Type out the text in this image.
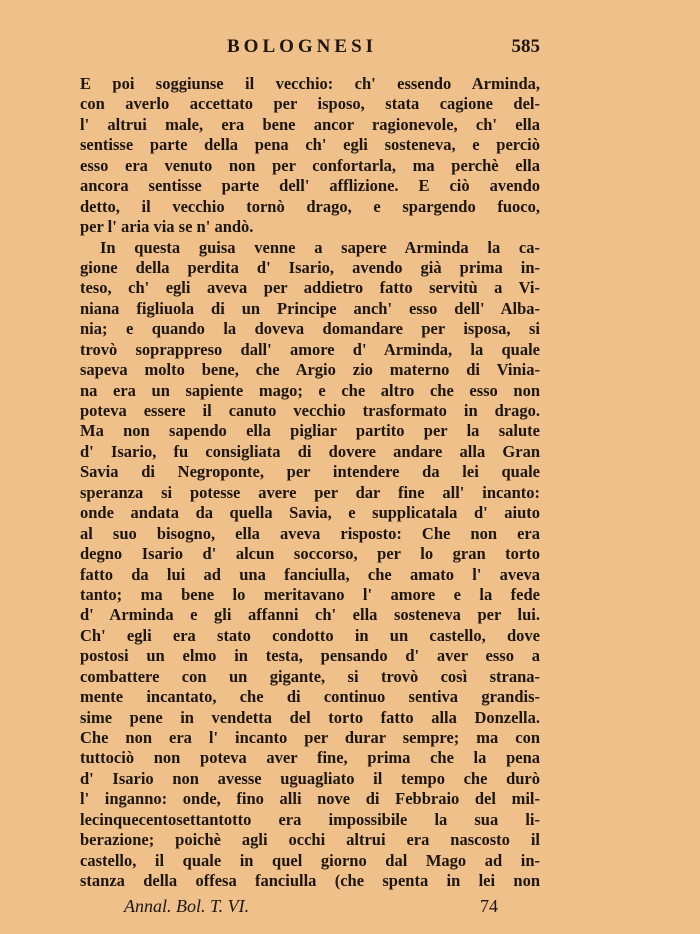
BOLOGNESI	585
E poi soggiunse il vecchio: ch' essendo Arminda,
con averlo accettato per isposo, stata cagione del-
l' altrui male, era bene ancor ragionevole, ch' ella
sentisse parte della pena ch' egli sosteneva, e perciò
esso era venuto non per confortarla, ma perchè ella
ancora sentisse parte dell' afflizione. E ciò avendo
detto, il vecchio tornò drago, e spargendo fuoco,
per l' aria via se n' andò.
In questa guisa venne a sapere Arminda la ca-
gione della perdita d' Isario, avendo già prima in-
teso, ch' egli aveva per addietro fatto servitù a Vi-
niana figliuola di un Principe anch' esso dell' Alba-
nia; e quando la doveva domandare per isposa, si
trovò soprappreso dall' amore d' Arminda, la quale
sapeva molto bene, che Argio zio materno di Vinia-
na era un sapiente mago; e che altro che esso non
poteva essere il canuto vecchio trasformato in drago.
Ma non sapendo ella pigliar partito per la salute
d' Isario, fu consigliata di dovere andare alla Gran
Savia di Negroponte, per intendere da lei quale
speranza si potesse avere per dar fine all' incanto:
onde andata da quella Savia, e supplicatala d' aiuto
al suo bisogno, ella aveva risposto: Che non era
degno Isario d' alcun soccorso, per lo gran torto
fatto da lui ad una fanciulla, che amato l' aveva
tanto; ma bene lo meritavano l' amore e la fede
d' Arminda e gli affanni ch' ella sosteneva per lui.
Ch' egli era stato condotto in un castello, dove
postosi un elmo in testa, pensando d' aver esso a
combattere con un gigante, si trovò così strana-
mente incantato, che di continuo sentiva grandis-
sime pene in vendetta del torto fatto alla Donzella.
Che non era l' incanto per durar sempre; ma con
tuttociò non poteva aver fine, prima che la pena
d' Isario non avesse uguagliato il tempo che durò
l' inganno: onde, fino alli nove di Febbraio del mil-
lecinquecentosettantotto era impossibile la sua li-
berazione; poichè agli occhi altrui era nascosto il
castello, il quale in quel giorno dal Mago ad in-
stanza della offesa fanciulla (che spenta in lei non
Annal. Bol. T. VI.	74
